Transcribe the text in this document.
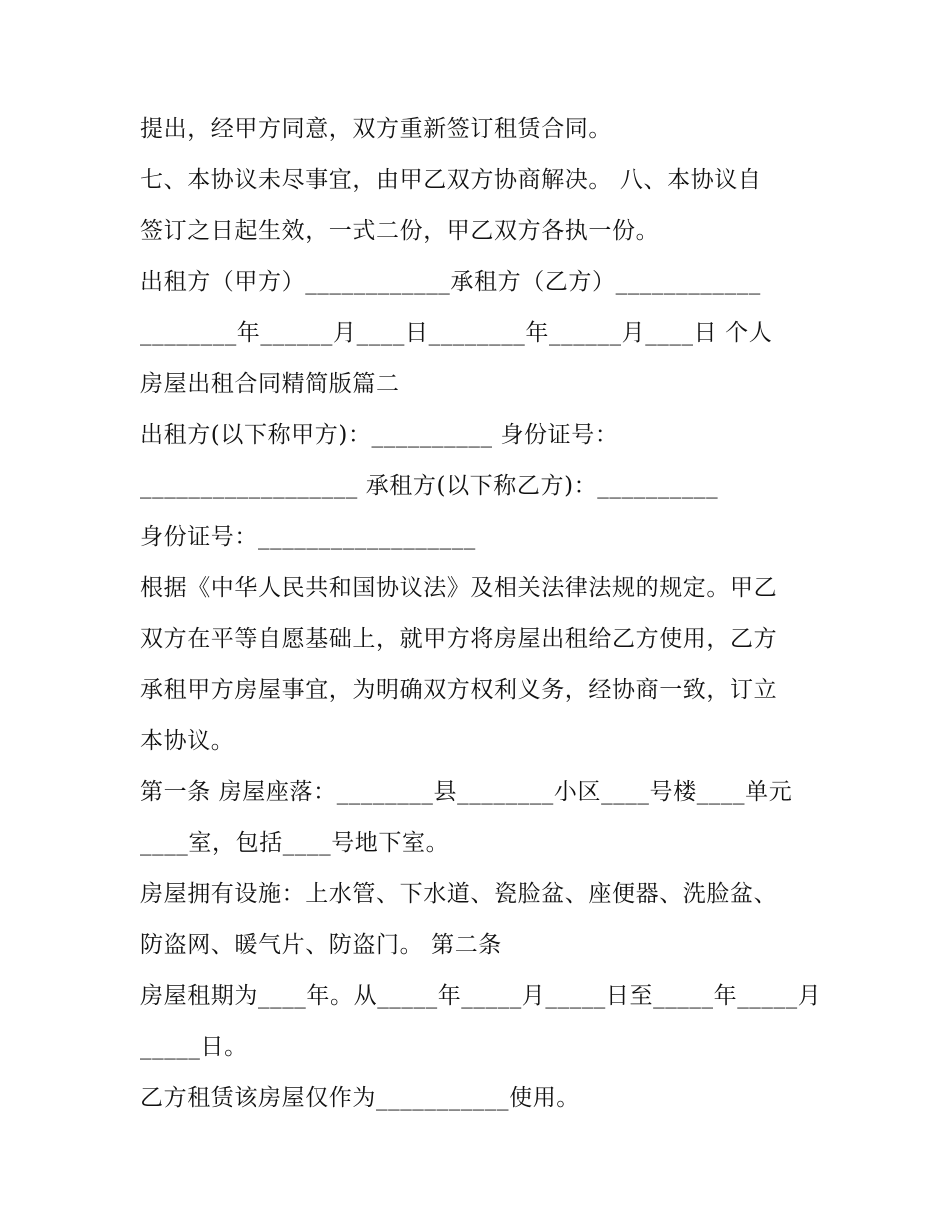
提出，经甲方同意，双方重新签订租赁合同。
七、本协议未尽事宜，由甲乙双方协商解决。 八、本协议自
签订之日起生效，一式二份，甲乙双方各执一份。
出租方（甲方）____________承租方（乙方）____________
________年______月____日________年______月____日 个人
房屋出租合同精简版篇二
出租方(以下称甲方)：__________ 身份证号：
__________________ 承租方(以下称乙方)：__________
身份证号：__________________
根据《中华人民共和国协议法》及相关法律法规的规定。甲乙
双方在平等自愿基础上，就甲方将房屋出租给乙方使用，乙方
承租甲方房屋事宜，为明确双方权利义务，经协商一致，订立
本协议。
第一条 房屋座落：________县________小区____号楼____单元
____室，包括____号地下室。
房屋拥有设施：上水管、下水道、瓷脸盆、座便器、洗脸盆、
防盗网、暖气片、防盗门。 第二条
房屋租期为____年。从_____年_____月_____日至_____年_____月
_____日。
乙方租赁该房屋仅作为___________使用。
